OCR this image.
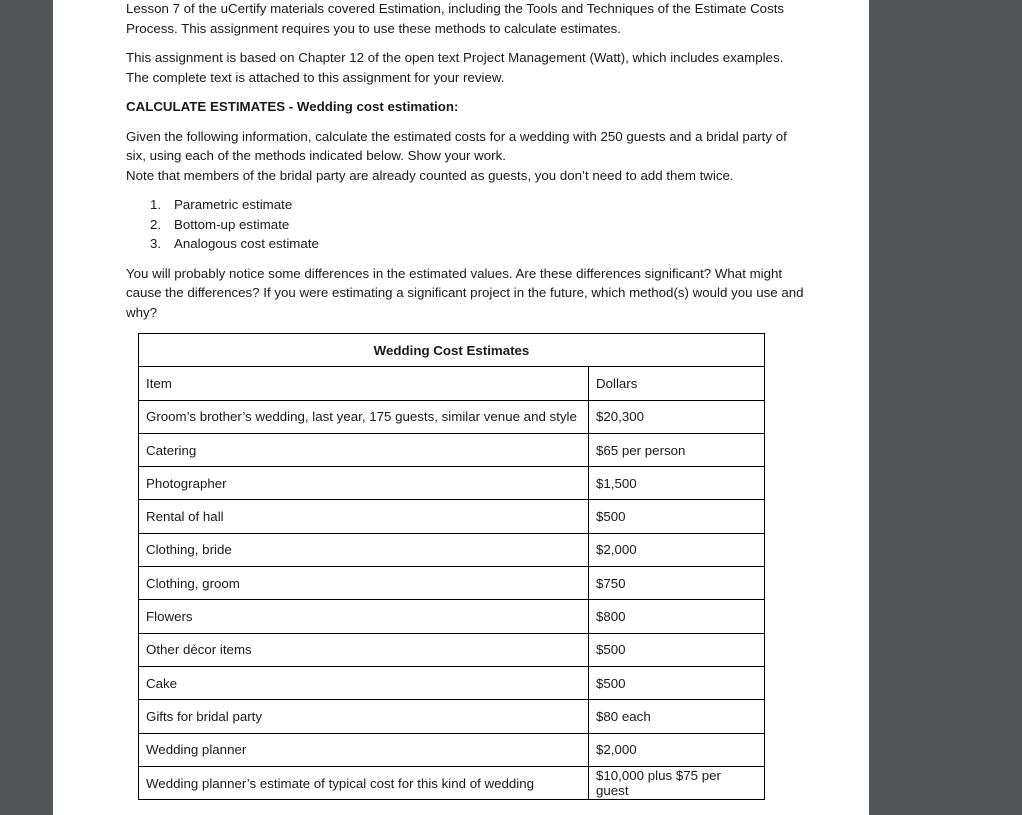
Lesson 7 of the uCertify materials covered Estimation, including the Tools and Techniques of the Estimate Costs Process. This assignment requires you to use these methods to calculate estimates.

This assignment is based on Chapter 12 of the open text Project Management (Watt), which includes examples. The complete text is attached to this assignment for your review.

CALCULATE ESTIMATES - Wedding cost estimation:

Given the following information, calculate the estimated costs for a wedding with 250 guests and a bridal party of six, using each of the methods indicated below. Show your work.
Note that members of the bridal party are already counted as guests, you don’t need to add them twice.

1. Parametric estimate
2. Bottom-up estimate
3. Analogous cost estimate

You will probably notice some differences in the estimated values. Are these differences significant? What might cause the differences? If you were estimating a significant project in the future, which method(s) would you use and why?

Wedding Cost Estimates	
Item	Dollars
Groom’s brother’s wedding, last year, 175 guests, similar venue and style	$20,300
Catering	$65 per person
Photographer	$1,500
Rental of hall	$500
Clothing, bride	$2,000
Clothing, groom	$750
Flowers	$800
Other décor items	$500
Cake	$500
Gifts for bridal party	$80 each
Wedding planner	$2,000
Wedding planner’s estimate of typical cost for this kind of wedding	$10,000 plus $75 per guest
